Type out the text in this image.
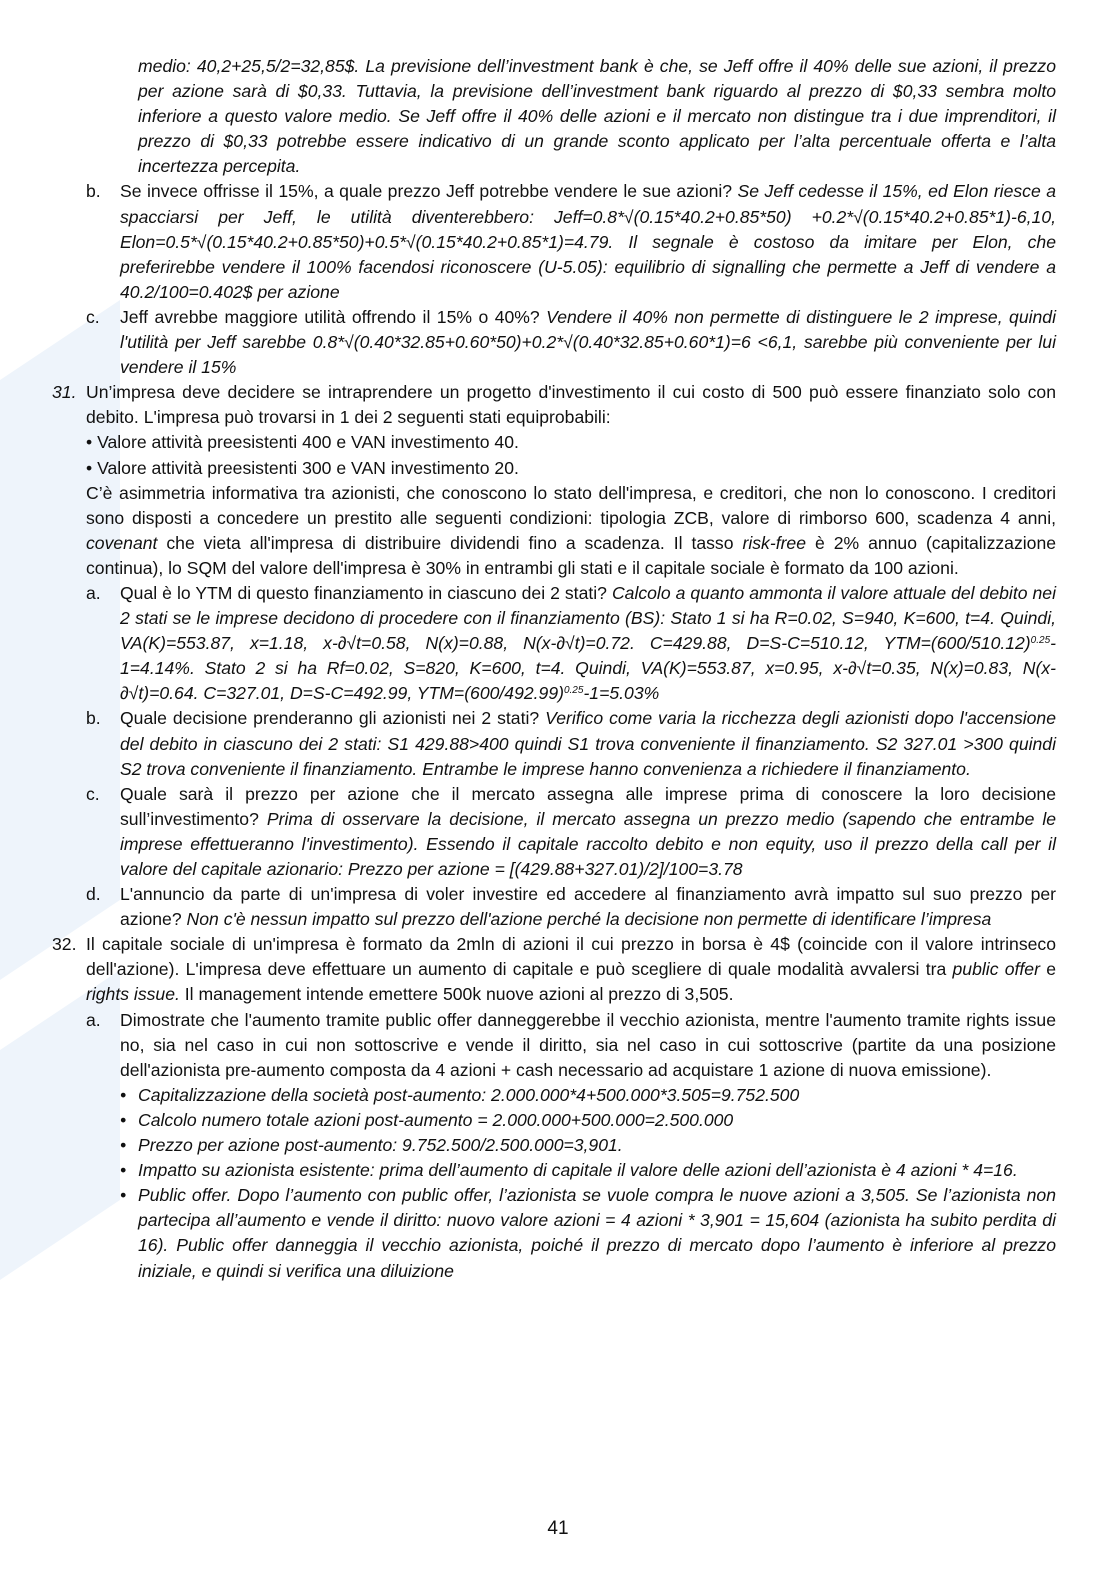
medio: 40,2+25,5/2=32,85$. La previsione dell’investment bank è che, se Jeff offre il 40% delle sue azioni, il prezzo per azione sarà di $0,33. Tuttavia, la previsione dell’investment bank riguardo al prezzo di $0,33 sembra molto inferiore a questo valore medio. Se Jeff offre il 40% delle azioni e il mercato non distingue tra i due imprenditori, il prezzo di $0,33 potrebbe essere indicativo di un grande sconto applicato per l’alta percentuale offerta e l’alta incertezza percepita.

b. Se invece offrisse il 15%, a quale prezzo Jeff potrebbe vendere le sue azioni? Se Jeff cedesse il 15%, ed Elon riesce a spacciarsi per Jeff, le utilità diventerebbero: Jeff=0.8*√(0.15*40.2+0.85*50) +0.2*√(0.15*40.2+0.85*1)-6,10, Elon=0.5*√(0.15*40.2+0.85*50)+0.5*√(0.15*40.2+0.85*1)=4.79. Il segnale è costoso da imitare per Elon, che preferirebbe vendere il 100% facendosi riconoscere (U-5.05): equilibrio di signalling che permette a Jeff di vendere a 40.2/100=0.402$ per azione
c. Jeff avrebbe maggiore utilità offrendo il 15% o 40%? Vendere il 40% non permette di distinguere le 2 imprese, quindi l'utilità per Jeff sarebbe 0.8*√(0.40*32.85+0.60*50)+0.2*√(0.40*32.85+0.60*1)=6 <6,1, sarebbe più conveniente per lui vendere il 15%
31. Un’impresa deve decidere se intraprendere un progetto d'investimento il cui costo di 500 può essere finanziato solo con debito. L'impresa può trovarsi in 1 dei 2 seguenti stati equiprobabili:
• Valore attività preesistenti 400 e VAN investimento 40.
• Valore attività preesistenti 300 e VAN investimento 20.

C’è asimmetria informativa tra azionisti, che conoscono lo stato dell'impresa, e creditori, che non lo conoscono. I creditori sono disposti a concedere un prestito alle seguenti condizioni: tipologia ZCB, valore di rimborso 600, scadenza 4 anni, covenant che vieta all'impresa di distribuire dividendi fino a scadenza. Il tasso risk-free è 2% annuo (capitalizzazione continua), lo SQM del valore dell'impresa è 30% in entrambi gli stati e il capitale sociale è formato da 100 azioni.

a. Qual è lo YTM di questo finanziamento in ciascuno dei 2 stati? Calcolo a quanto ammonta il valore attuale del debito nei 2 stati se le imprese decidono di procedere con il finanziamento (BS): Stato 1 si ha R=0.02, S=940, K=600, t=4. Quindi, VA(K)=553.87, x=1.18, x-∂√t=0.58, N(x)=0.88, N(x-∂√t)=0.72. C=429.88, D=S-C=510.12, $YTM=(600/510.12)^{0.25}-1=4.14\%$. Stato 2 si ha Rf=0.02, S=820, K=600, t=4. Quindi, VA(K)=553.87, x=0.95, x-∂√t=0.35, N(x)=0.83, N(x-∂√t)=0.64. C=327.01, D=S-C=492.99, $YTM=(600/492.99)^{0.25}-1=5.03\%$
b. Quale decisione prenderanno gli azionisti nei 2 stati? Verifico come varia la ricchezza degli azionisti dopo l'accensione del debito in ciascuno dei 2 stati: S1 429.88>400 quindi S1 trova conveniente il finanziamento. S2 327.01 >300 quindi S2 trova conveniente il finanziamento. Entrambe le imprese hanno convenienza a richiedere il finanziamento.
c. Quale sarà il prezzo per azione che il mercato assegna alle imprese prima di conoscere la loro decisione sull’investimento? Prima di osservare la decisione, il mercato assegna un prezzo medio (sapendo che entrambe le imprese effettueranno l'investimento). Essendo il capitale raccolto debito e non equity, uso il prezzo della call per il valore del capitale azionario: Prezzo per azione = [(429.88+327.01)/2]/100=3.78
d. L'annuncio da parte di un'impresa di voler investire ed accedere al finanziamento avrà impatto sul suo prezzo per azione? Non c'è nessun impatto sul prezzo dell'azione perché la decisione non permette di identificare l’impresa
32. Il capitale sociale di un'impresa è formato da 2mln di azioni il cui prezzo in borsa è 4$ (coincide con il valore intrinseco dell'azione). L'impresa deve effettuare un aumento di capitale e può scegliere di quale modalità avvalersi tra public offer e rights issue. Il management intende emettere 500k nuove azioni al prezzo di 3,505.
a. Dimostrate che l'aumento tramite public offer danneggerebbe il vecchio azionista, mentre l'aumento tramite rights issue no, sia nel caso in cui non sottoscrive e vende il diritto, sia nel caso in cui sottoscrive (partite da una posizione dell'azionista pre-aumento composta da 4 azioni + cash necessario ad acquistare 1 azione di nuova emissione).
• Capitalizzazione della società post-aumento: 2.000.000*4+500.000*3.505=9.752.500
• Calcolo numero totale azioni post-aumento = 2.000.000+500.000=2.500.000
• Prezzo per azione post-aumento: 9.752.500/2.500.000=3,901.
• Impatto su azionista esistente: prima dell’aumento di capitale il valore delle azioni dell’azionista è 4 azioni * 4=16.
• Public offer. Dopo l’aumento con public offer, l’azionista se vuole compra le nuove azioni a 3,505. Se l’azionista non partecipa all’aumento e vende il diritto: nuovo valore azioni = 4 azioni * 3,901 = 15,604 (azionista ha subito perdita di 16). Public offer danneggia il vecchio azionista, poiché il prezzo di mercato dopo l’aumento è inferiore al prezzo iniziale, e quindi si verifica una diluizione
41
